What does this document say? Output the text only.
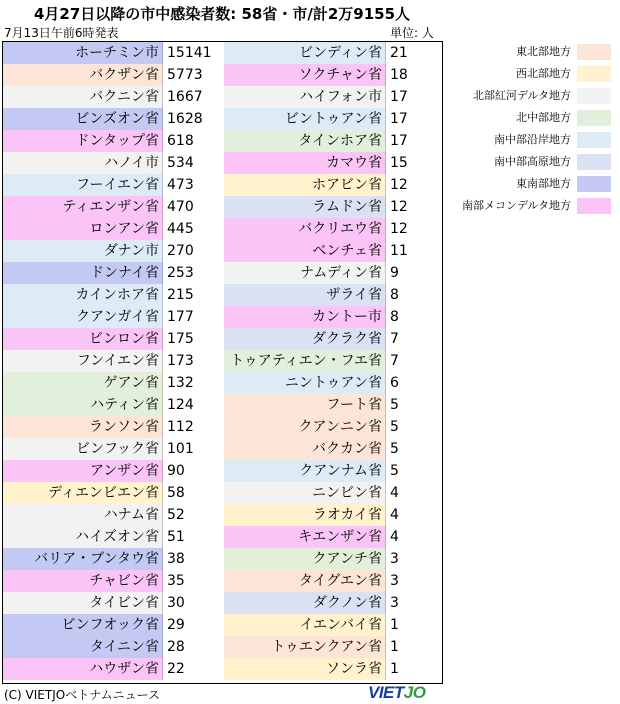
4月27日以降の市中感染者数: 58省・市/計2万9155人
7月13日午前6時発表	単位: 人
ホーチミン市 15141
バクザン省 5773
バクニン省 1667
ビンズオン省 1628
ドンタップ省 618
ハノイ市 534
フーイエン省 473
ティエンザン省 470
ロンアン省 445
ダナン市 270
ドンナイ省 253
カインホア省 215
クアンガイ省 177
ビンロン省 175
フンイエン省 173
ゲアン省 132
ハティン省 124
ランソン省 112
ビンフック省 101
アンザン省 90
ディエンビエン省 58
ハナム省 52
ハイズオン省 51
バリア・ブンタウ省 38
チャビン省 35
タイビン省 30
ビンフオック省 29
タイニン省 28
ハウザン省 22
ビンディン省 21
ソクチャン省 18
ハイフォン市 17
ビントゥアン省 17
タインホア省 17
カマウ省 15
ホアビン省 12
ラムドン省 12
バクリエウ省 12
ベンチェ省 11
ナムディン省 9
ザライ省 8
カントー市 8
ダクラク省 7
トゥアティエン・フエ省 7
ニントゥアン省 6
フート省 5
クアンニン省 5
バクカン省 5
クアンナム省 5
ニンビン省 4
ラオカイ省 4
キエンザン省 4
クアンチ省 3
タイグエン省 3
ダクノン省 3
イエンバイ省 1
トゥエンクアン省 1
ソンラ省 1
東北部地方
西北部地方
北部紅河デルタ地方
北中部地方
南中部沿岸地方
南中部高原地方
東南部地方
南部メコンデルタ地方
(C) VIETJOベトナムニュース	VIETJO
